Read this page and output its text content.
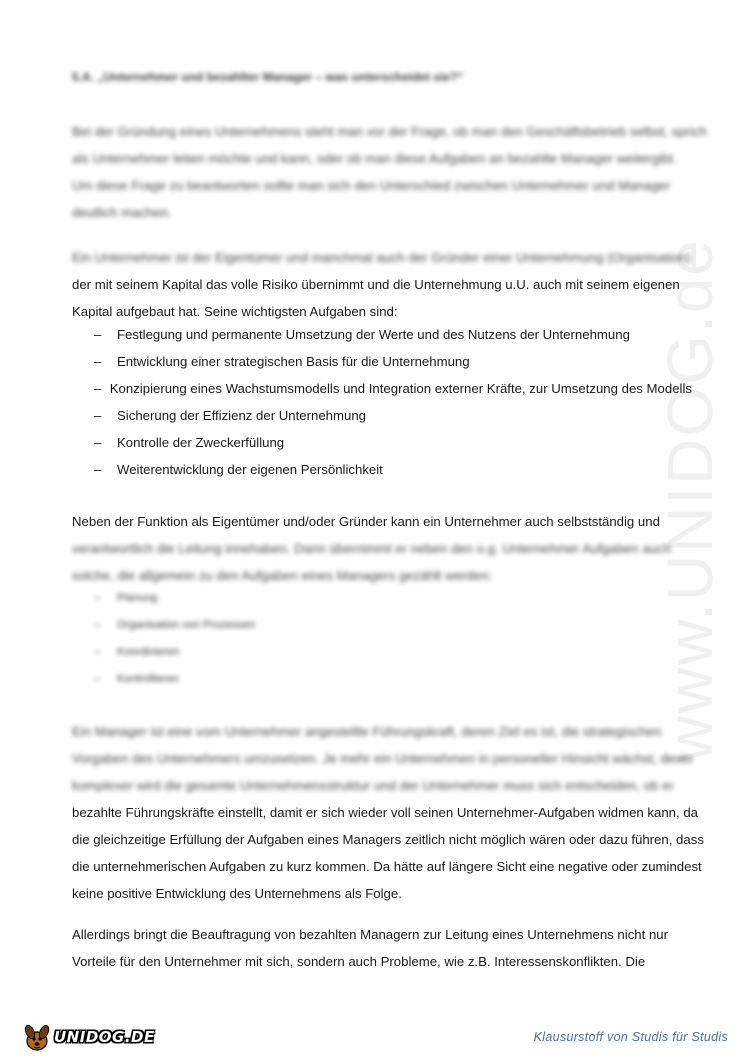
www.UNIDOG.de
5.A. „Unternehmer und bezahlter Manager – was unterscheidet sie?“
Bei der Gründung eines Unternehmens steht man vor der Frage, ob man den Geschäftsbetrieb selbst, sprich
als Unternehmer leiten möchte und kann, oder ob man diese Aufgaben an bezahlte Manager weitergibt.
Um diese Frage zu beantworten sollte man sich den Unterschied zwischen Unternehmer und Manager
deutlich machen.
Ein Unternehmer ist der Eigentümer und manchmal auch der Gründer einer Unternehmung (Organisation)
der mit seinem Kapital das volle Risiko übernimmt und die Unternehmung u.U. auch mit seinem eigenen
Kapital aufgebaut hat. Seine wichtigsten Aufgaben sind:
–	Festlegung und permanente Umsetzung der Werte und des Nutzens der Unternehmung
–	Entwicklung einer strategischen Basis für die Unternehmung
– Konzipierung eines Wachstumsmodells und Integration externer Kräfte, zur Umsetzung des Modells
–	Sicherung der Effizienz der Unternehmung
–	Kontrolle der Zweckerfüllung
–	Weiterentwicklung der eigenen Persönlichkeit
Neben der Funktion als Eigentümer und/oder Gründer kann ein Unternehmer auch selbstständig und
verantwortlich die Leitung innehaben. Dann übernimmt er neben den o.g. Unternehmer Aufgaben auch
solche, die allgemein zu den Aufgaben eines Managers gezählt werden:
–	Planung
–	Organisation von Prozessen
–	Koordinieren
–	Kontrollieren
Ein Manager ist eine vom Unternehmer angestellte Führungskraft, deren Ziel es ist, die strategischen
Vorgaben des Unternehmers umzusetzen. Je mehr ein Unternehmen in personeller Hinsicht wächst, desto
komplexer wird die gesamte Unternehmensstruktur und der Unternehmer muss sich entscheiden, ob er
bezahlte Führungskräfte einstellt, damit er sich wieder voll seinen Unternehmer-Aufgaben widmen kann, da
die gleichzeitige Erfüllung der Aufgaben eines Managers zeitlich nicht möglich wären oder dazu führen, dass
die unternehmerischen Aufgaben zu kurz kommen. Da hätte auf längere Sicht eine negative oder zumindest
keine positive Entwicklung des Unternehmens als Folge.
Allerdings bringt die Beauftragung von bezahlten Managern zur Leitung eines Unternehmens nicht nur
Vorteile für den Unternehmer mit sich, sondern auch Probleme, wie z.B. Interessenskonflikten. Die
UNIDOG.DE	Klausurstoff von Studis für Studis
